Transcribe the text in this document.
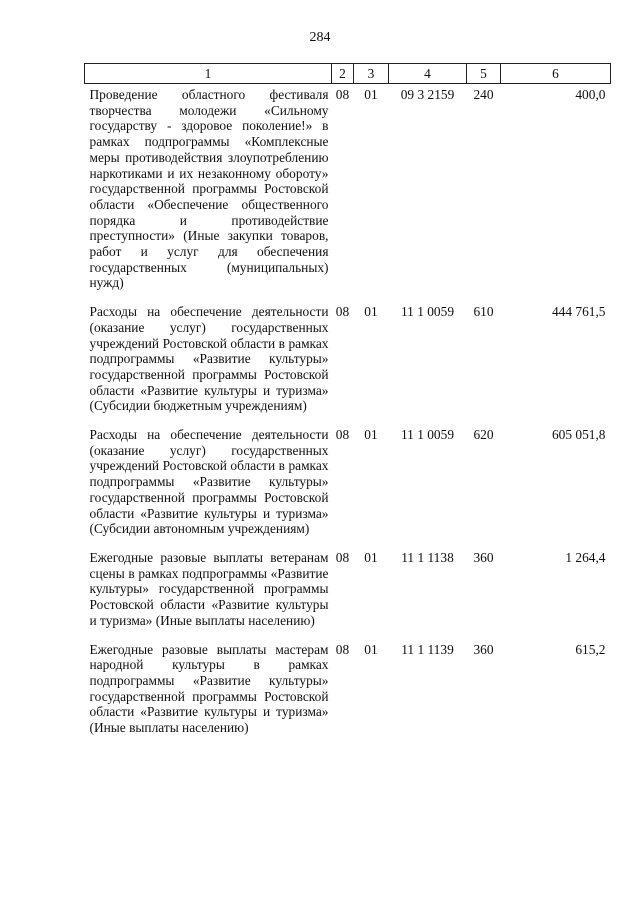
284
1	2	3	4	5	6
Проведение областного фестиваля творчества молодежи «Сильному государству - здоровое поколение!» в рамках подпрограммы «Комплексные меры противодействия злоупотреблению наркотиками и их незаконному обороту» государственной программы Ростовской области «Обеспечение общественного порядка и противодействие преступности» (Иные закупки товаров, работ и услуг для обеспечения государственных (муниципальных) нужд)	08	01	09 3 2159	240	400,0
Расходы на обеспечение деятельности (оказание услуг) государственных учреждений Ростовской области в рамках подпрограммы «Развитие культуры» государственной программы Ростовской области «Развитие культуры и туризма» (Субсидии бюджетным учреждениям)	08	01	11 1 0059	610	444 761,5
Расходы на обеспечение деятельности (оказание услуг) государственных учреждений Ростовской области в рамках подпрограммы «Развитие культуры» государственной программы Ростовской области «Развитие культуры и туризма» (Субсидии автономным учреждениям)	08	01	11 1 0059	620	605 051,8
Ежегодные разовые выплаты ветеранам сцены в рамках подпрограммы «Развитие культуры» государственной программы Ростовской области «Развитие культуры и туризма» (Иные выплаты населению)	08	01	11 1 1138	360	1 264,4
Ежегодные разовые выплаты мастерам народной культуры в рамках подпрограммы «Развитие культуры» государственной программы Ростовской области «Развитие культуры и туризма» (Иные выплаты населению)	08	01	11 1 1139	360	615,2
